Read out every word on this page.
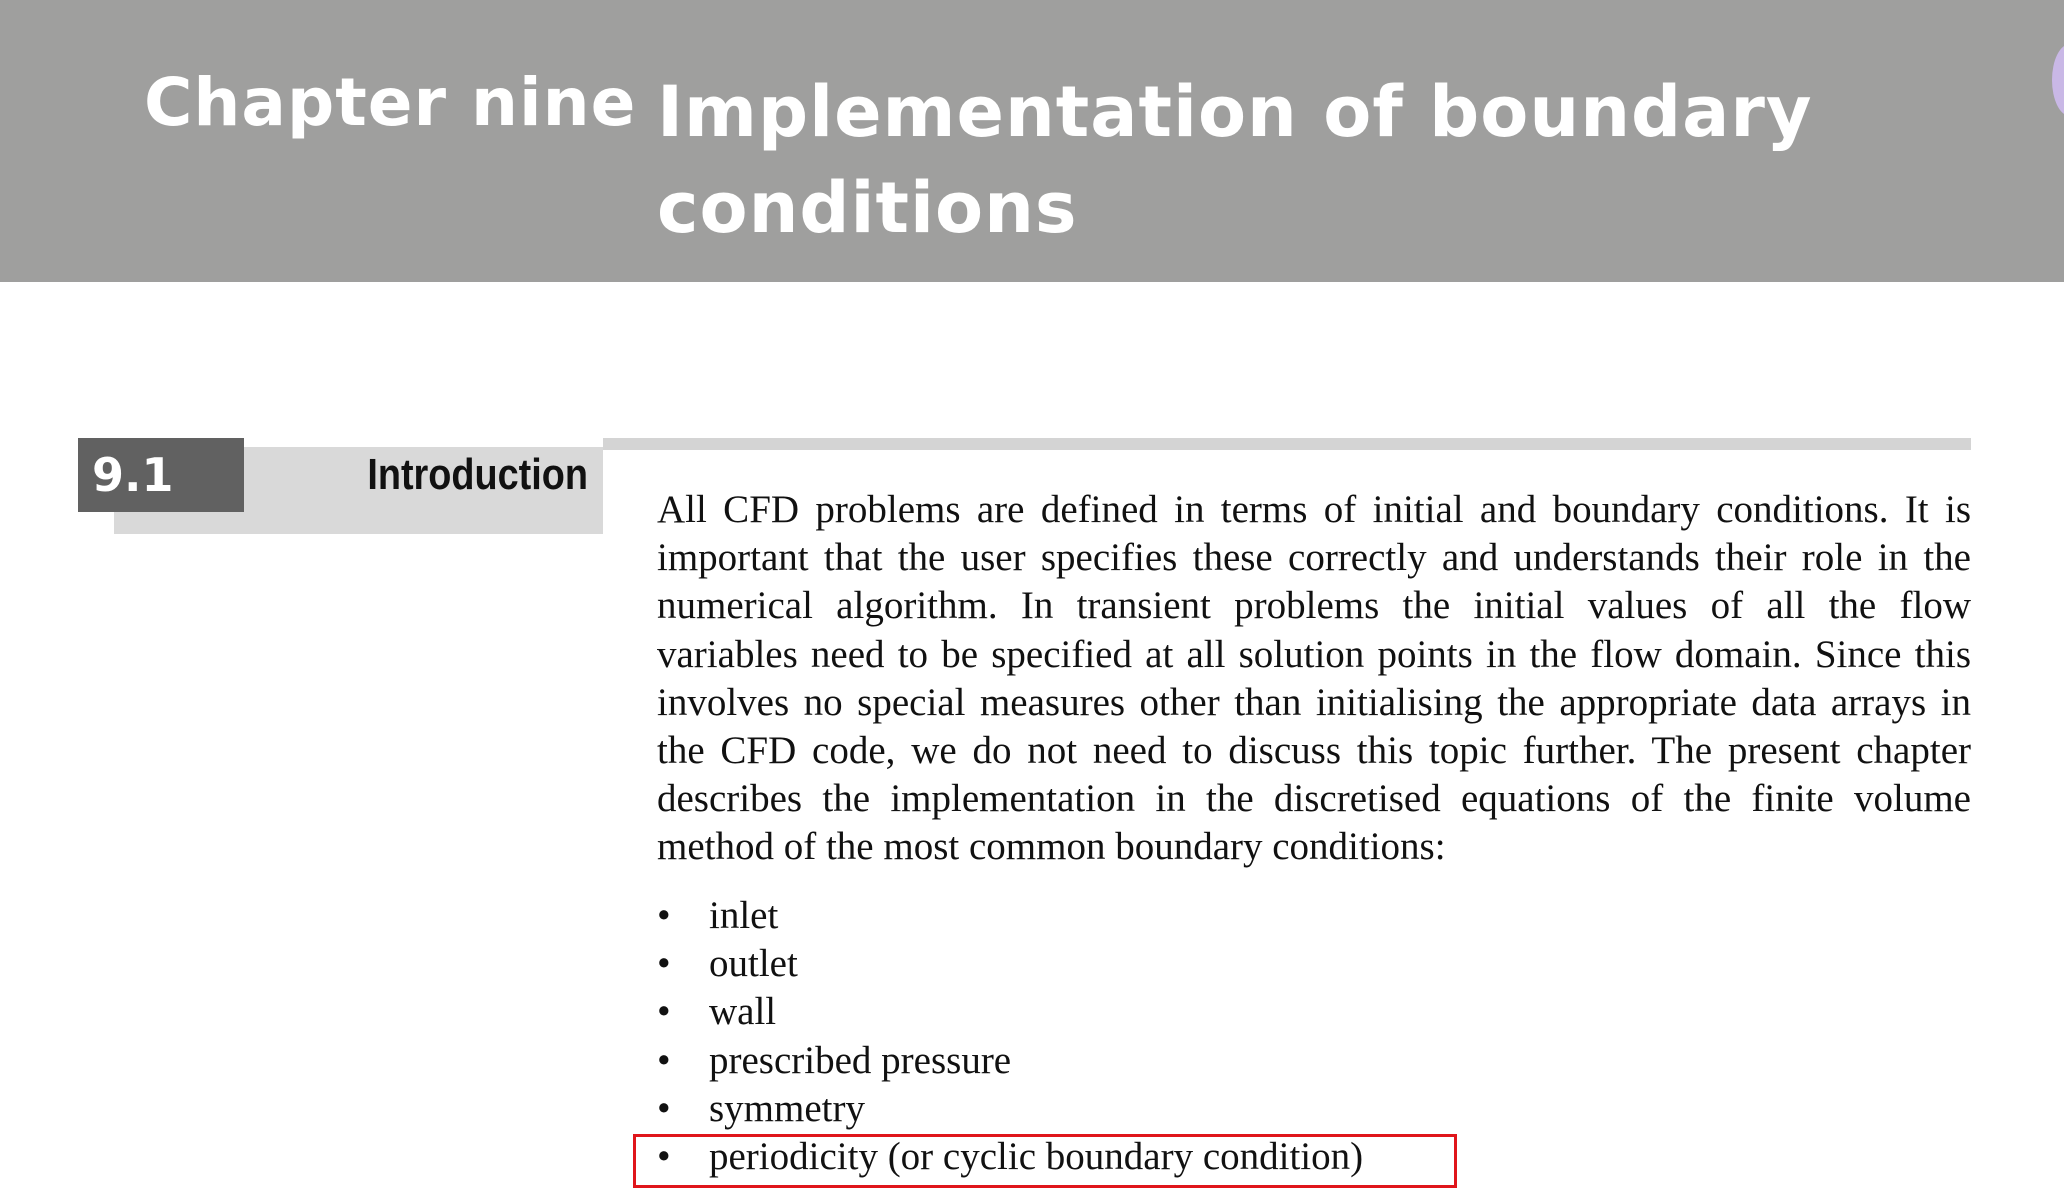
Chapter nine Implementation of boundary conditions
9.1	Introduction

All CFD problems are defined in terms of initial and boundary conditions. It is important that the user specifies these correctly and understands their role in the numerical algorithm. In transient problems the initial values of all the flow variables need to be specified at all solution points in the flow domain. Since this involves no special measures other than initialising the appropriate data arrays in the CFD code, we do not need to discuss this topic further. The present chapter describes the implementation in the discretised equations of the finite volume method of the most common boundary conditions:

• inlet
• outlet
• wall
• prescribed pressure
• symmetry
• periodicity (or cyclic boundary condition)
